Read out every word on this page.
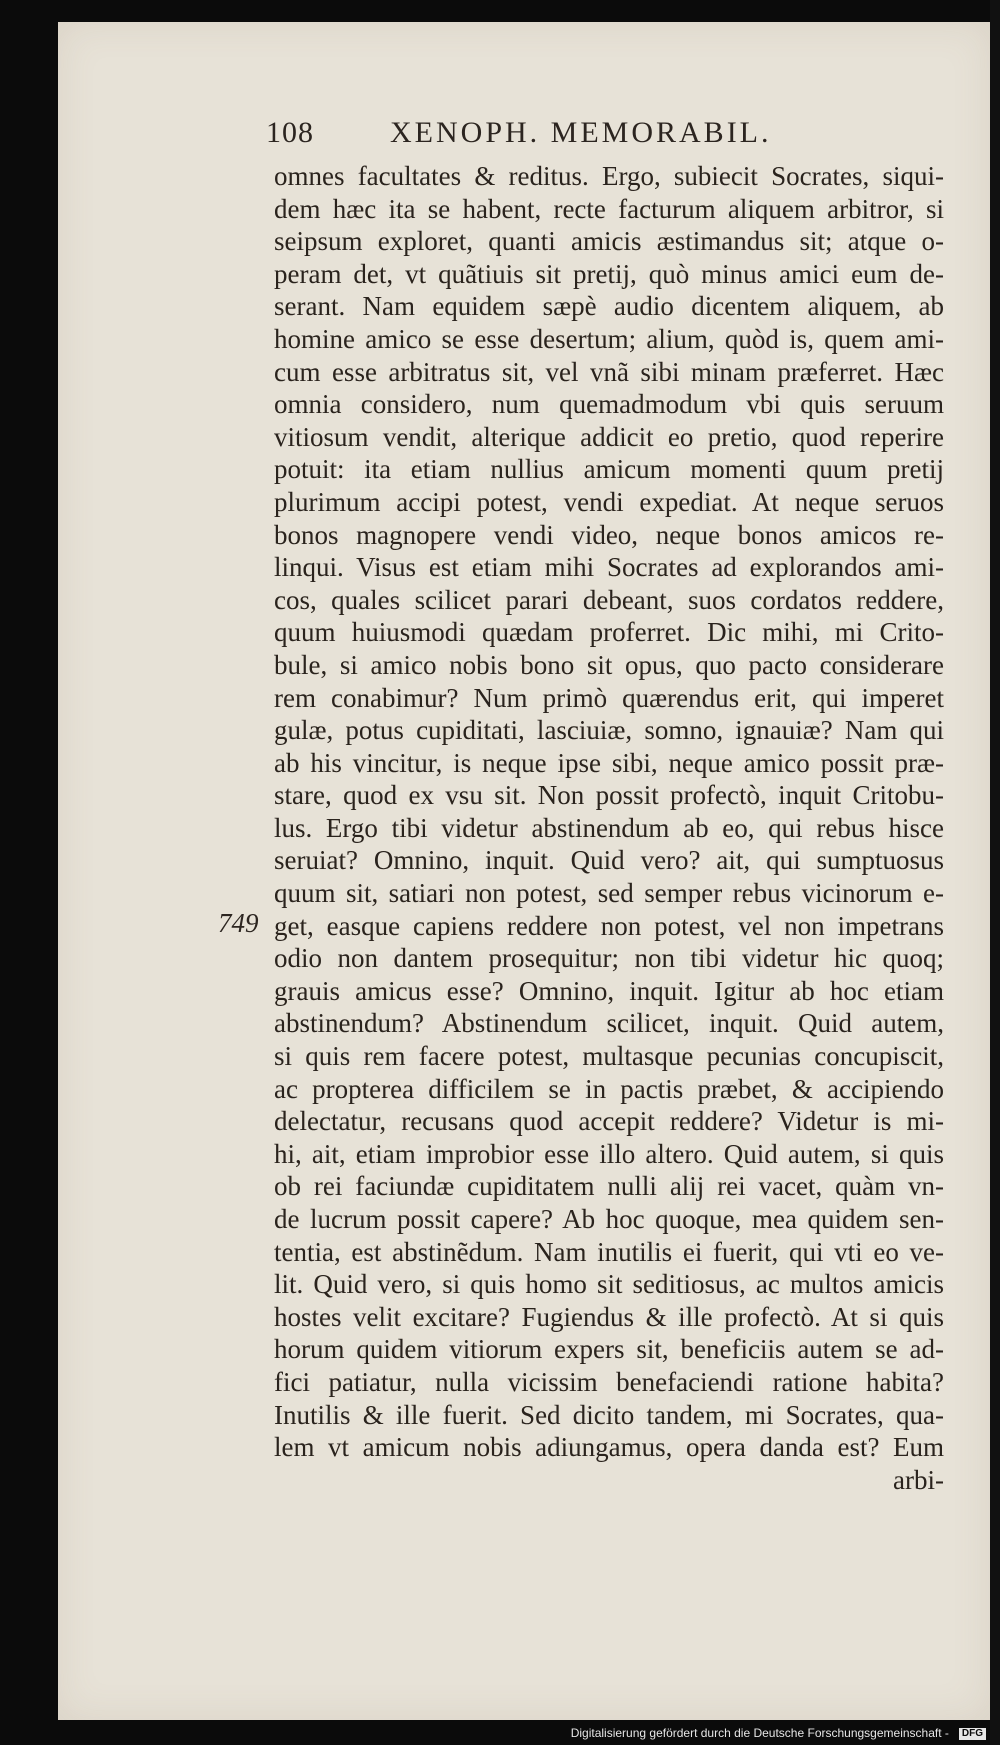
108	XENOPH. MEMORABIL.
749
omnes facultates & reditus. Ergo, subiecit Socrates, siqui-
dem hæc ita se habent, recte facturum aliquem arbitror, si
seipsum exploret, quanti amicis æstimandus sit; atque o-
peram det, vt quãtiuis sit pretij, quò minus amici eum de-
serant. Nam equidem sæpè audio dicentem aliquem, ab
homine amico se esse desertum; alium, quòd is, quem ami-
cum esse arbitratus sit, vel vnã sibi minam præferret. Hæc
omnia considero, num quemadmodum vbi quis seruum
vitiosum vendit, alterique addicit eo pretio, quod reperire
potuit: ita etiam nullius amicum momenti quum pretij
plurimum accipi potest, vendi expediat. At neque seruos
bonos magnopere vendi video, neque bonos amicos re-
linqui. Visus est etiam mihi Socrates ad explorandos ami-
cos, quales scilicet parari debeant, suos cordatos reddere,
quum huiusmodi quædam proferret. Dic mihi, mi Crito-
bule, si amico nobis bono sit opus, quo pacto considerare
rem conabimur? Num primò quærendus erit, qui imperet
gulæ, potus cupiditati, lasciuiæ, somno, ignauiæ? Nam qui
ab his vincitur, is neque ipse sibi, neque amico possit præ-
stare, quod ex vsu sit. Non possit profectò, inquit Critobu-
lus. Ergo tibi videtur abstinendum ab eo, qui rebus hisce
seruiat? Omnino, inquit. Quid vero? ait, qui sumptuosus
quum sit, satiari non potest, sed semper rebus vicinorum e-
get, easque capiens reddere non potest, vel non impetrans
odio non dantem prosequitur; non tibi videtur hic quoq;
grauis amicus esse? Omnino, inquit. Igitur ab hoc etiam
abstinendum? Abstinendum scilicet, inquit. Quid autem,
si quis rem facere potest, multasque pecunias concupiscit,
ac propterea difficilem se in pactis præbet, & accipiendo
delectatur, recusans quod accepit reddere? Videtur is mi-
hi, ait, etiam improbior esse illo altero. Quid autem, si quis
ob rei faciundæ cupiditatem nulli alij rei vacet, quàm vn-
de lucrum possit capere? Ab hoc quoque, mea quidem sen-
tentia, est abstinẽdum. Nam inutilis ei fuerit, qui vti eo ve-
lit. Quid vero, si quis homo sit seditiosus, ac multos amicis
hostes velit excitare? Fugiendus & ille profectò. At si quis
horum quidem vitiorum expers sit, beneficiis autem se ad-
fici patiatur, nulla vicissim benefaciendi ratione habita?
Inutilis & ille fuerit. Sed dicito tandem, mi Socrates, qua-
lem vt amicum nobis adiungamus, opera danda est? Eum
arbi-
Digitalisierung gefördert durch die Deutsche Forschungsgemeinschaft - DFG
